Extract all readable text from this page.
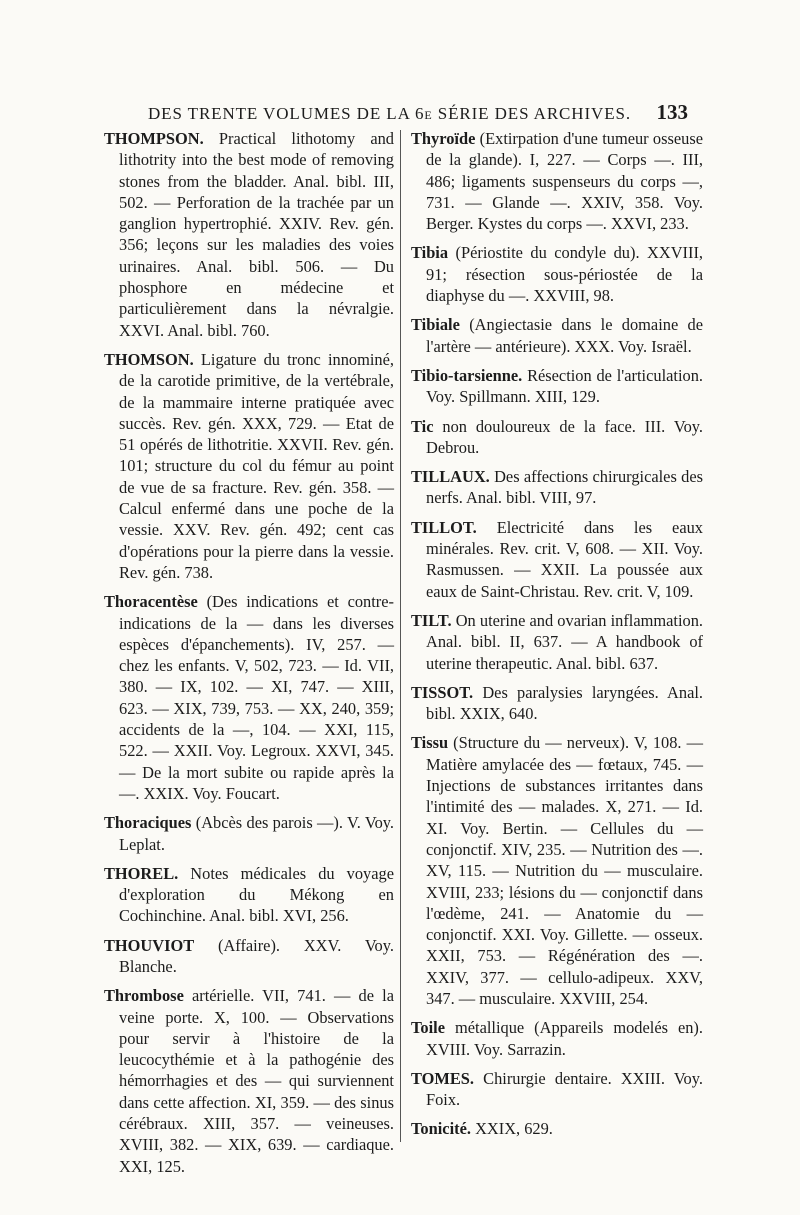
DES TRENTE VOLUMES DE LA 6e SÉRIE DES ARCHIVES. 133

THOMPSON. Practical lithotomy and lithotrity into the best mode of removing stones from the bladder. Anal. bibl. III, 502. — Perforation de la trachée par un ganglion hypertrophié. XXIV. Rev. gén. 356; leçons sur les maladies des voies urinaires. Anal. bibl. 506. — Du phosphore en médecine et particulièrement dans la névralgie. XXVI. Anal. bibl. 760.

THOMSON. Ligature du tronc innominé, de la carotide primitive, de la vertébrale, de la mammaire interne pratiquée avec succès. Rev. gén. XXX, 729. — Etat de 51 opérés de lithotritie. XXVII. Rev. gén. 101; structure du col du fémur au point de vue de sa fracture. Rev. gén. 358. — Calcul enfermé dans une poche de la vessie. XXV. Rev. gén. 492; cent cas d'opérations pour la pierre dans la vessie. Rev. gén. 738.

Thoracentèse (Des indications et contre-indications de la — dans les diverses espèces d'épanchements). IV, 257. — chez les enfants. V, 502, 723. — Id. VII, 380. — IX, 102. — XI, 747. — XIII, 623. — XIX, 739, 753. — XX, 240, 359; accidents de la —, 104. — XXI, 115, 522. — XXII. Voy. Legroux. XXVI, 345. — De la mort subite ou rapide après la —. XXIX. Voy. Foucart.

Thoraciques (Abcès des parois —). V. Voy. Leplat.

THOREL. Notes médicales du voyage d'exploration du Mékong en Cochinchine. Anal. bibl. XVI, 256.

THOUVIOT (Affaire). XXV. Voy. Blanche.

Thrombose artérielle. VII, 741. — de la veine porte. X, 100. — Observations pour servir à l'histoire de la leucocythémie et à la pathogénie des hémorrhagies et des — qui surviennent dans cette affection. XI, 359. — des sinus cérébraux. XIII, 357. — veineuses. XVIII, 382. — XIX, 639. — cardiaque. XXI, 125.

Thyroïde (Extirpation d'une tumeur osseuse de la glande). I, 227. — Corps —. III, 486; ligaments suspenseurs du corps —, 731. — Glande —. XXIV, 358. Voy. Berger. Kystes du corps —. XXVI, 233.

Tibia (Périostite du condyle du). XXVIII, 91; résection sous-périostée de la diaphyse du —. XXVIII, 98.

Tibiale (Angiectasie dans le domaine de l'artère — antérieure). XXX. Voy. Israël.

Tibio-tarsienne. Résection de l'articulation. Voy. Spillmann. XIII, 129.

Tic non douloureux de la face. III. Voy. Debrou.

TILLAUX. Des affections chirurgicales des nerfs. Anal. bibl. VIII, 97.

TILLOT. Electricité dans les eaux minérales. Rev. crit. V, 608. — XII. Voy. Rasmussen. — XXII. La poussée aux eaux de Saint-Christau. Rev. crit. V, 109.

TILT. On uterine and ovarian inflammation. Anal. bibl. II, 637. — A handbook of uterine therapeutic. Anal. bibl. 637.

TISSOT. Des paralysies laryngées. Anal. bibl. XXIX, 640.

Tissu (Structure du — nerveux). V, 108. — Matière amylacée des — fœtaux, 745. — Injections de substances irritantes dans l'intimité des — malades. X, 271. — Id. XI. Voy. Bertin. — Cellules du — conjonctif. XIV, 235. — Nutrition des —. XV, 115. — Nutrition du — musculaire. XVIII, 233; lésions du — conjonctif dans l'œdème, 241. — Anatomie du — conjonctif. XXI. Voy. Gillette. — osseux. XXII, 753. — Régénération des —. XXIV, 377. — cellulo-adipeux. XXV, 347. — musculaire. XXVIII, 254.

Toile métallique (Appareils modelés en). XVIII. Voy. Sarrazin.

TOMES. Chirurgie dentaire. XXIII. Voy. Foix.

Tonicité. XXIX, 629.
